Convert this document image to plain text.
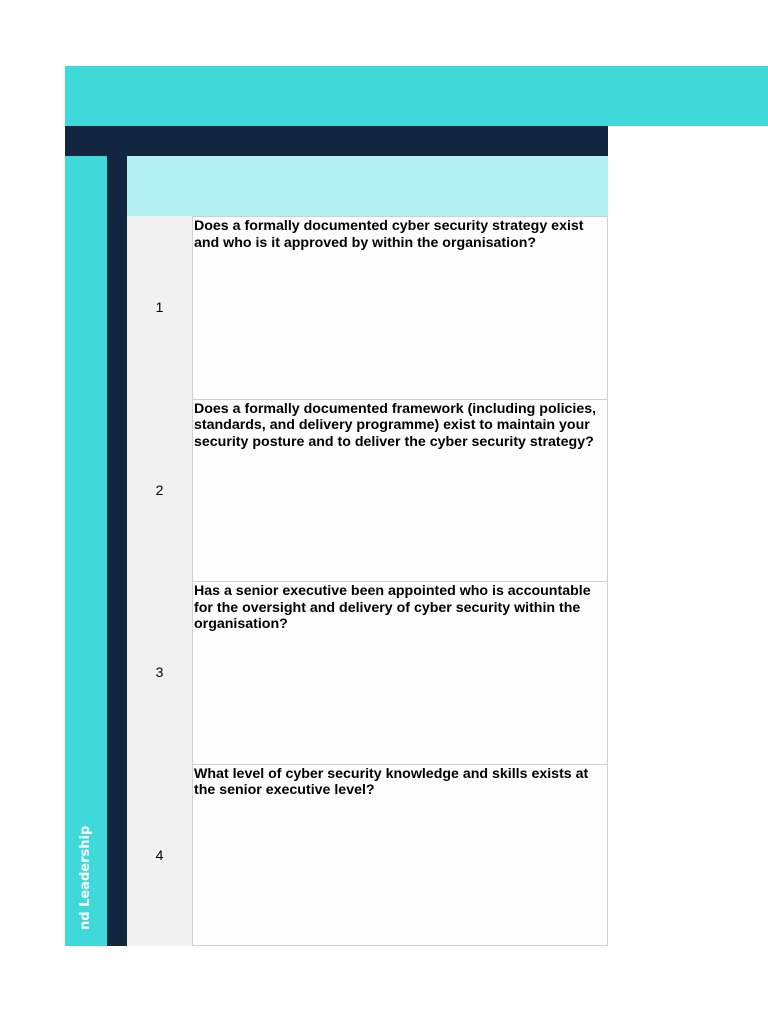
nd Leadership
1
Does a formally documented cyber security strategy exist and who is it approved by within the organisation?
2
Does a formally documented framework (including policies, standards, and delivery programme) exist to maintain your security posture and to deliver the cyber security strategy?
3
Has a senior executive been appointed who is accountable for the oversight and delivery of cyber security within the organisation?
4
What level of cyber security knowledge and skills exists at the senior executive level?
